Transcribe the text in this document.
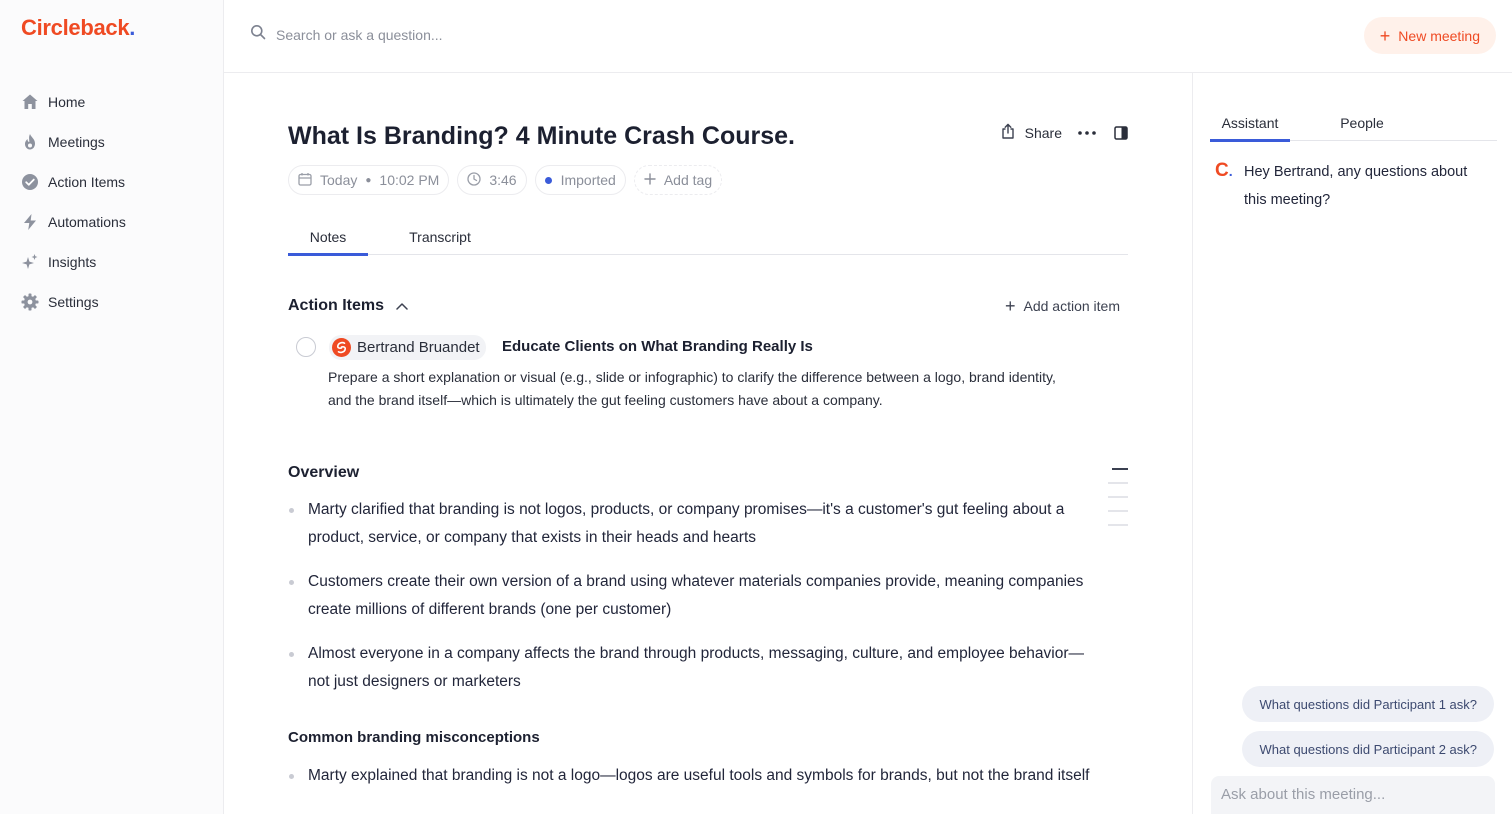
Circleback.
Home
Meetings
Action Items
Automations
Insights
Settings
Search or ask a question...
+ New meeting
What Is Branding? 4 Minute Crash Course.	Share
Today ● 10:02 PM	3:46	Imported	Add tag
Notes	Transcript
Action Items	+ Add action item
Bertrand Bruandet Educate Clients on What Branding Really Is
Prepare a short explanation or visual (e.g., slide or infographic) to clarify the difference between a logo, brand identity, and the brand itself—which is ultimately the gut feeling customers have about a company.
Overview
Marty clarified that branding is not logos, products, or company promises—it's a customer's gut feeling about a product, service, or company that exists in their heads and hearts
Customers create their own version of a brand using whatever materials companies provide, meaning companies create millions of different brands (one per customer)
Almost everyone in a company affects the brand through products, messaging, culture, and employee behavior—not just designers or marketers
Common branding misconceptions
Marty explained that branding is not a logo—logos are useful tools and symbols for brands, but not the brand itself
Assistant	People
C. Hey Bertrand, any questions about this meeting?
What questions did Participant 1 ask?
What questions did Participant 2 ask?
Ask about this meeting...
